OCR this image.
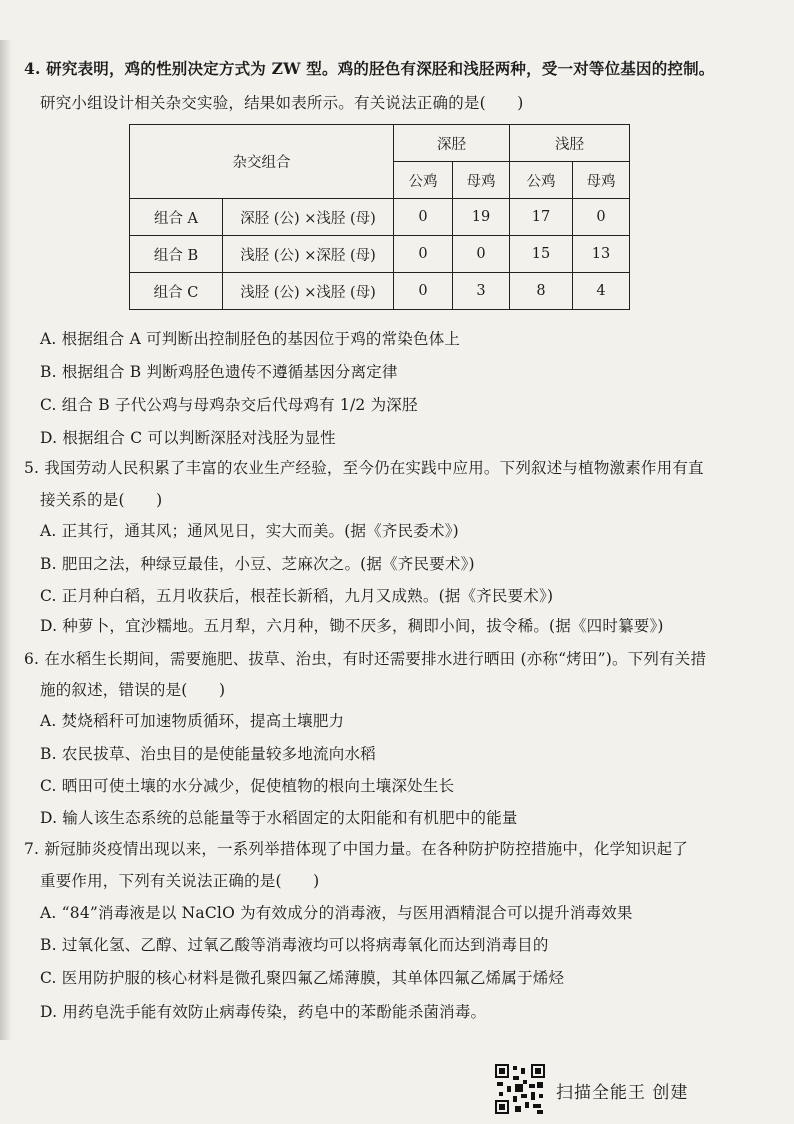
4. 研究表明，鸡的性别决定方式为 ZW 型。鸡的胫色有深胫和浅胫两种，受一对等位基因的控制。
研究小组设计相关杂交实验，结果如表所示。有关说法正确的是(　　)
杂交组合		深胫		浅胫	
		公鸡	母鸡	公鸡	母鸡
组合 A	深胫 (公) ×浅胫 (母)	0	19	17	0
组合 B	浅胫 (公) ×深胫 (母)	0	0	15	13
组合 C	浅胫 (公) ×浅胫 (母)	0	3	8	4
A. 根据组合 A 可判断出控制胫色的基因位于鸡的常染色体上
B. 根据组合 B 判断鸡胫色遗传不遵循基因分离定律
C. 组合 B 子代公鸡与母鸡杂交后代母鸡有 1/2 为深胫
D. 根据组合 C 可以判断深胫对浅胫为显性
5. 我国劳动人民积累了丰富的农业生产经验，至今仍在实践中应用。下列叙述与植物激素作用有直
接关系的是(　　)
A. 正其行，通其风；通风见日，实大而美。(据《齐民委术》)
B. 肥田之法，种绿豆最佳，小豆、芝麻次之。(据《齐民要术》)
C. 正月种白稻，五月收获后，根茬长新稻，九月又成熟。(据《齐民要术》)
D. 种萝卜，宜沙糯地。五月犁，六月种，锄不厌多，稠即小间，拔令稀。(据《四时纂要》)
6. 在水稻生长期间，需要施肥、拔草、治虫，有时还需要排水进行晒田 (亦称“烤田”)。下列有关措
施的叙述，错误的是(　　)
A. 焚烧稻秆可加速物质循环，提高土壤肥力
B. 农民拔草、治虫目的是使能量较多地流向水稻
C. 晒田可使土壤的水分减少，促使植物的根向土壤深处生长
D. 输人该生态系统的总能量等于水稻固定的太阳能和有机肥中的能量
7. 新冠肺炎疫情出现以来，一系列举措体现了中国力量。在各种防护防控措施中，化学知识起了
重要作用，下列有关说法正确的是(　　)
A. “84”消毒液是以 NaClO 为有效成分的消毒液，与医用酒精混合可以提升消毒效果
B. 过氧化氢、乙醇、过氧乙酸等消毒液均可以将病毒氧化而达到消毒目的
C. 医用防护服的核心材料是微孔聚四氟乙烯薄膜，其单体四氟乙烯属于烯烃
D. 用药皂洗手能有效防止病毒传染，药皂中的苯酚能杀菌消毒。
扫描全能王 创建
